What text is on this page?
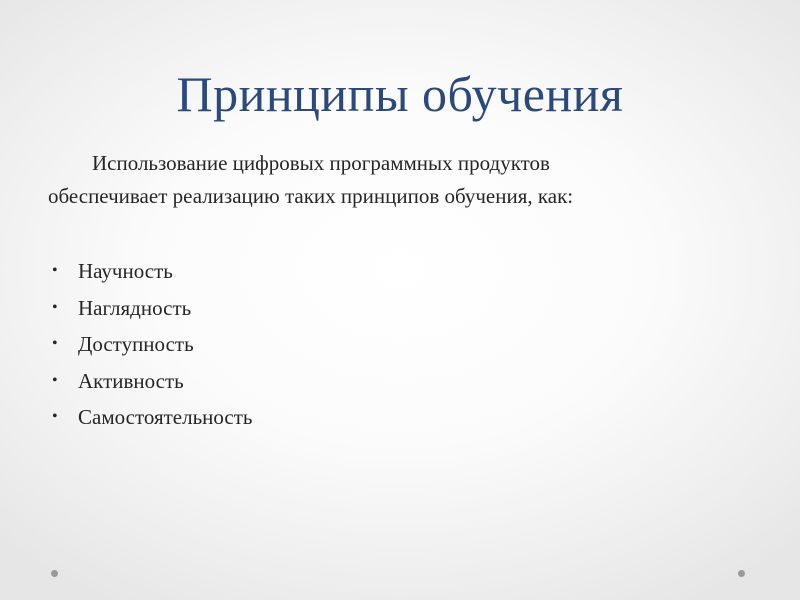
Принципы обучения

Использование цифровых программных продуктов

обеспечивает реализацию таких принципов обучения, как:

• Научность
• Наглядность
• Доступность
• Активность
• Самостоятельность
